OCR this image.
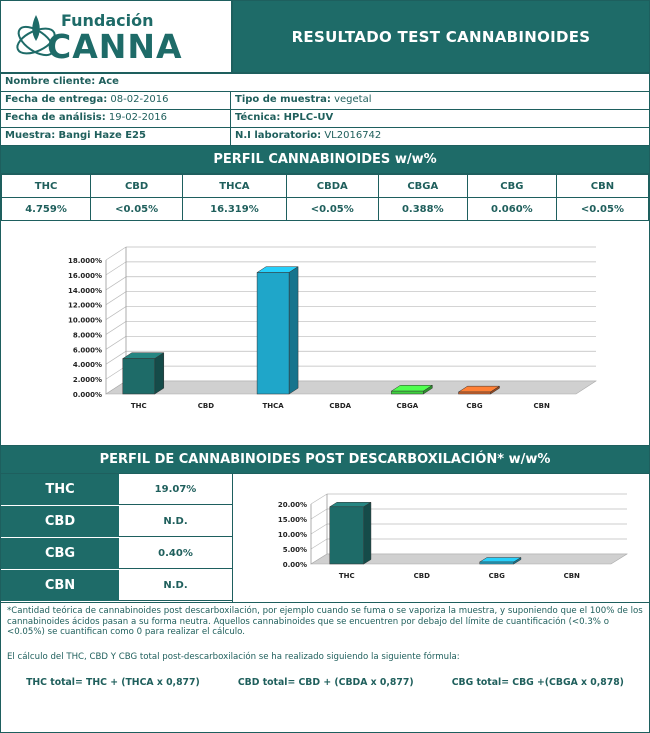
Fundación
CANNA	RESULTADO TEST CANNABINOIDES
Nombre cliente: Ace
Fecha de entrega: 08-02-2016	Tipo de muestra: vegetal
Fecha de análisis: 19-02-2016	Técnica: HPLC-UV
Muestra: Bangi Haze E25	N.I laboratorio: VL2016742
PERFIL CANNABINOIDES w/w%
THC	CBD	THCA	CBDA	CBGA	CBG	CBN
4.759%	<0.05%	16.319%	<0.05%	0.388%	0.060%	<0.05%
0.000%
2.000%
4.000%
6.000%
8.000%
10.000%
12.000%
14.000%
16.000%
18.000%
THC	CBD	THCA	CBDA	CBGA	CBG	CBN
PERFIL DE CANNABINOIDES POST DESCARBOXILACIÓN* w/w%
THC	19.07%
CBD	N.D.
CBG	0.40%
CBN	N.D.
0.00%
5.00%
10.00%
15.00%
20.00%
THC	CBD	CBG	CBN

*Cantidad teórica de cannabinoides post descarboxilación, por ejemplo cuando se fuma o se vaporiza la muestra, y suponiendo que el 100% de los cannabinoides ácidos pasan a su forma neutra. Aquellos cannabinoides que se encuentren por debajo del límite de cuantificación (<0.3% o <0.05%) se cuantifican como 0 para realizar el cálculo.

El cálculo del THC, CBD Y CBG total post-descarboxilación se ha realizado siguiendo la siguiente fórmula:

THC total= THC + (THCA x 0,877)	CBD total= CBD + (CBDA x 0,877)	CBG total= CBG +(CBGA x 0,878)
